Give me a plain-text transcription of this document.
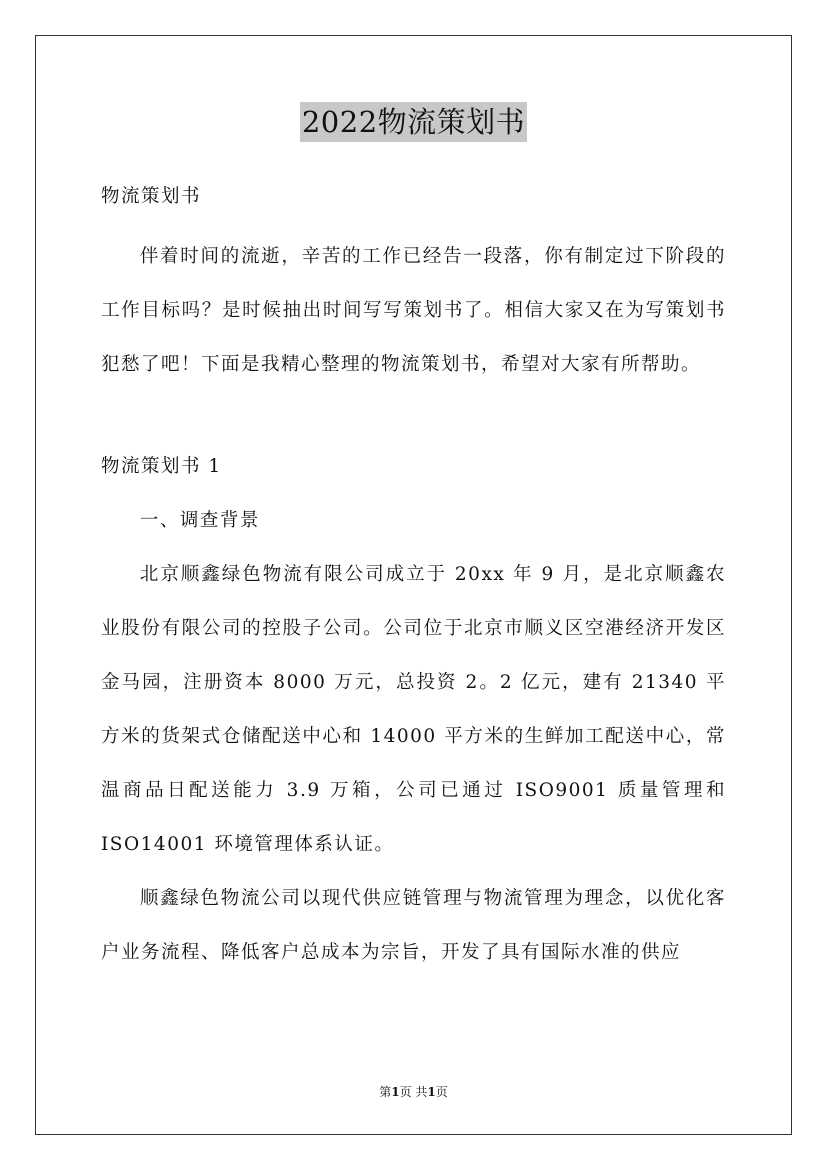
2022物流策划书

物流策划书

伴着时间的流逝，辛苦的工作已经告一段落，你有制定过下阶段的工作目标吗？是时候抽出时间写写策划书了。相信大家又在为写策划书犯愁了吧！下面是我精心整理的物流策划书，希望对大家有所帮助。

物流策划书 1

一、调查背景

北京顺鑫绿色物流有限公司成立于 20xx 年 9 月，是北京顺鑫农业股份有限公司的控股子公司。公司位于北京市顺义区空港经济开发区金马园，注册资本 8000 万元，总投资 2。2 亿元，建有 21340 平方米的货架式仓储配送中心和 14000 平方米的生鲜加工配送中心，常温商品日配送能力 3.9 万箱，公司已通过 ISO9001 质量管理和 ISO14001 环境管理体系认证。

顺鑫绿色物流公司以现代供应链管理与物流管理为理念，以优化客户业务流程、降低客户总成本为宗旨，开发了具有国际水准的供应

第1页 共1页
